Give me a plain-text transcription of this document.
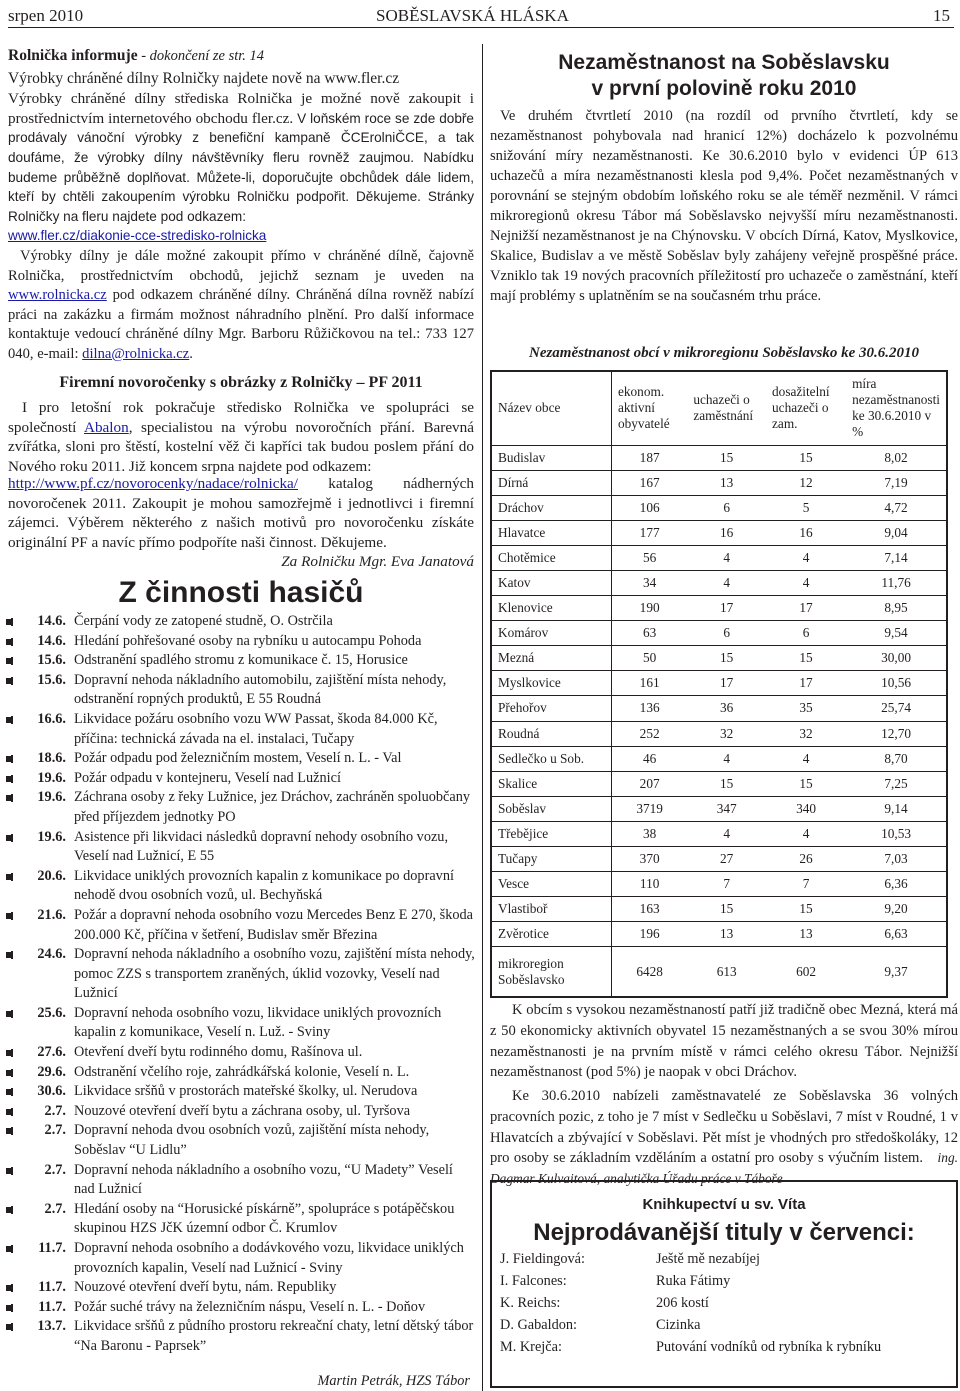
srpen 2010	SOBĚSLAVSKÁ HLÁSKA	15
Rolnička informuje - dokončení ze str. 14
Výrobky chráněné dílny Rolničky najdete nově na www.fler.cz
Výrobky chráněné dílny střediska Rolnička je možné nově zakoupit i prostřednictvím internetového obchodu fler.cz. V loňském roce se zde dobře prodávaly vánoční výrobky z benefiční kampaně ČCErolniČCE, a tak doufáme, že výrobky dílny návštěvníky fleru rovněž zaujmou. Nabídku budeme průběžně doplňovat. Můžete-li, doporučujte obchůdek dále lidem, kteří by chtěli zakoupením výrobku Rolničku podpořit. Děkujeme. Stránky Rolničky na fleru najdete pod odkazem:
www.fler.cz/diakonie-cce-stredisko-rolnicka
Výrobky dílny je dále možné zakoupit přímo v chráněné dílně, čajovně Rolnička, prostřednictvím obchodů, jejichž seznam je uveden na www.rolnicka.cz pod odkazem chráněné dílny. Chráněná dílna rovněž nabízí práci na zakázku a firmám možnost náhradního plnění. Pro další informace kontaktuje vedoucí chráněné dílny Mgr. Barboru Růžičkovou na tel.: 733 127 040, e-mail: dilna@rolnicka.cz.
Firemní novoročenky s obrázky z Rolničky – PF 2011
I pro letošní rok pokračuje středisko Rolnička ve spolupráci se společností Abalon, specialistou na výrobu novoročních přání. Barevná zvířátka, sloni pro štěstí, kostelní věž či kapříci tak budou poslem přání do Nového roku 2011. Již koncem srpna najdete pod odkazem:
http://www.pf.cz/novorocenky/nadace/rolnicka/ katalog nádherných novoročenek 2011. Zakoupit je mohou samozřejmě i jednotlivci i firemní zájemci. Výběrem některého z našich motivů pro novoročenku získáte originální PF a navíc přímo podpoříte naši činnost. Děkujeme.
Za Rolničku Mgr. Eva Janatová
Z činnosti hasičů
14.6. Čerpání vody ze zatopené studně, O. Ostrčila
14.6. Hledání pohřešované osoby na rybníku u autocampu Pohoda
15.6. Odstranění spadlého stromu z komunikace č. 15, Horusice
15.6. Dopravní nehoda nákladního automobilu, zajištění místa nehody, odstranění ropných produktů, E 55 Roudná
16.6. Likvidace požáru osobního vozu WW Passat, škoda 84.000 Kč, příčina: technická závada na el. instalaci, Tučapy
18.6. Požár odpadu pod železničním mostem, Veselí n. L. - Val
19.6. Požár odpadu v kontejneru, Veselí nad Lužnicí
19.6. Záchrana osoby z řeky Lužnice, jez Dráchov, zachráněn spoluobčany před příjezdem jednotky PO
19.6. Asistence při likvidaci následků dopravní nehody osobního vozu, Veselí nad Lužnicí, E 55
20.6. Likvidace uniklých provozních kapalin z komunikace po dopravní nehodě dvou osobních vozů, ul. Bechyňská
21.6. Požár a dopravní nehoda osobního vozu Mercedes Benz E 270, škoda 200.000 Kč, příčina v šetření, Budislav směr Březina
24.6. Dopravní nehoda nákladního a osobního vozu, zajištění místa nehody, pomoc ZZS s transportem zraněných, úklid vozovky, Veselí nad Lužnicí
25.6. Dopravní nehoda osobního vozu, likvidace uniklých provozních kapalin z komunikace, Veselí n. Luž. - Sviny
27.6. Otevření dveří bytu rodinného domu, Rašínova ul.
29.6. Odstranění včelího roje, zahrádkářská kolonie, Veselí n. L.
30.6. Likvidace sršňů v prostorách mateřské školky, ul. Nerudova
2.7. Nouzové otevření dveří bytu a záchrana osoby, ul. Tyršova
2.7. Dopravní nehoda dvou osobních vozů, zajištění místa nehody, Soběslav “U Lidlu”
2.7. Dopravní nehoda nákladního a osobního vozu, “U Madety” Veselí nad Lužnicí
2.7. Hledání osoby na “Horusické pískárně”, spolupráce s potápěčskou skupinou HZS JčK územní odbor Č. Krumlov
11.7. Dopravní nehoda osobního a dodávkového vozu, likvidace uniklých provozních kapalin, Veselí nad Lužnicí - Sviny
11.7. Nouzové otevření dveří bytu, nám. Republiky
11.7. Požár suché trávy na železničním náspu, Veselí n. L. - Doňov
13.7. Likvidace sršňů z půdního prostoru rekreační chaty, letní dětský tábor “Na Baronu - Paprsek”
Martin Petrák, HZS Tábor
Nezaměstnanost na Soběslavsku
v první polovině roku 2010
Ve druhém čtvrtletí 2010 (na rozdíl od prvního čtvrtletí, kdy se nezaměstnanost pohybovala nad hranicí 12%) docházelo k pozvolnému snižování míry nezaměstnanosti. Ke 30.6.2010 bylo v evidenci ÚP 613 uchazečů a míra nezaměstnanosti klesla pod 9,4%. Počet nezaměstnaných v porovnání se stejným obdobím loňského roku se ale téměř nezměnil. V rámci mikroregionů okresu Tábor má Soběslavsko nejvyšší míru nezaměstnanosti. Nejnižší nezaměstnanost je na Chýnovsku. V obcích Dírná, Katov, Myslkovice, Skalice, Budislav a ve městě Soběslav byly zahájeny veřejně prospěšné práce. Vzniklo tak 19 nových pracovních příležitostí pro uchazeče o zaměstnání, kteří mají problémy s uplatněním se na současném trhu práce.
Nezaměstnanost obcí v mikroregionu Soběslavsko ke 30.6.2010
Název obce	ekonom. aktivní obyvatelé	uchazeči o zaměstnání	dosažitelní uchazeči o zam.	míra nezaměstnanosti ke 30.6.2010 v %
Budislav	187	15	15	8,02
Dírná	167	13	12	7,19
Dráchov	106	6	5	4,72
Hlavatce	177	16	16	9,04
Chotěmice	56	4	4	7,14
Katov	34	4	4	11,76
Klenovice	190	17	17	8,95
Komárov	63	6	6	9,54
Mezná	50	15	15	30,00
Myslkovice	161	17	17	10,56
Přehořov	136	36	35	25,74
Roudná	252	32	32	12,70
Sedlečko u Sob.	46	4	4	8,70
Skalice	207	15	15	7,25
Soběslav	3719	347	340	9,14
Třebějice	38	4	4	10,53
Tučapy	370	27	26	7,03
Vesce	110	7	7	6,36
Vlastiboř	163	15	15	9,20
Zvěrotice	196	13	13	6,63
mikroregion Soběslavsko	6428	613	602	9,37
K obcím s vysokou nezaměstnaností patří již tradičně obec Mezná, která má z 50 ekonomicky aktivních obyvatel 15 nezaměstnaných a se svou 30% mírou nezaměstnanosti je na prvním místě v rámci celého okresu Tábor. Nejnižší nezaměstnanost (pod 5%) je naopak v obci Dráchov.
Ke 30.6.2010 nabízeli zaměstnavatelé ze Soběslavska 36 volných pracovních pozic, z toho je 7 míst v Sedlečku u Soběslavi, 7 míst v Roudné, 1 v Hlavatcích a zbývající v Soběslavi. Pět míst je vhodných pro středoškoláky, 12 pro osoby se základním vzděláním a ostatní pro osoby s výučním listem. ing. Dagmar Kulvaitová, analytička Úřadu práce v Táboře
Knihkupectví u sv. Víta
Nejprodávanější tituly v červenci:
J. Fieldingová:	Ještě mě nezabíjej
I. Falcones:	Ruka Fátimy
K. Reichs:	206 kostí
D. Gabaldon:	Cizinka
M. Krejča:	Putování vodníků od rybníka k rybníku
